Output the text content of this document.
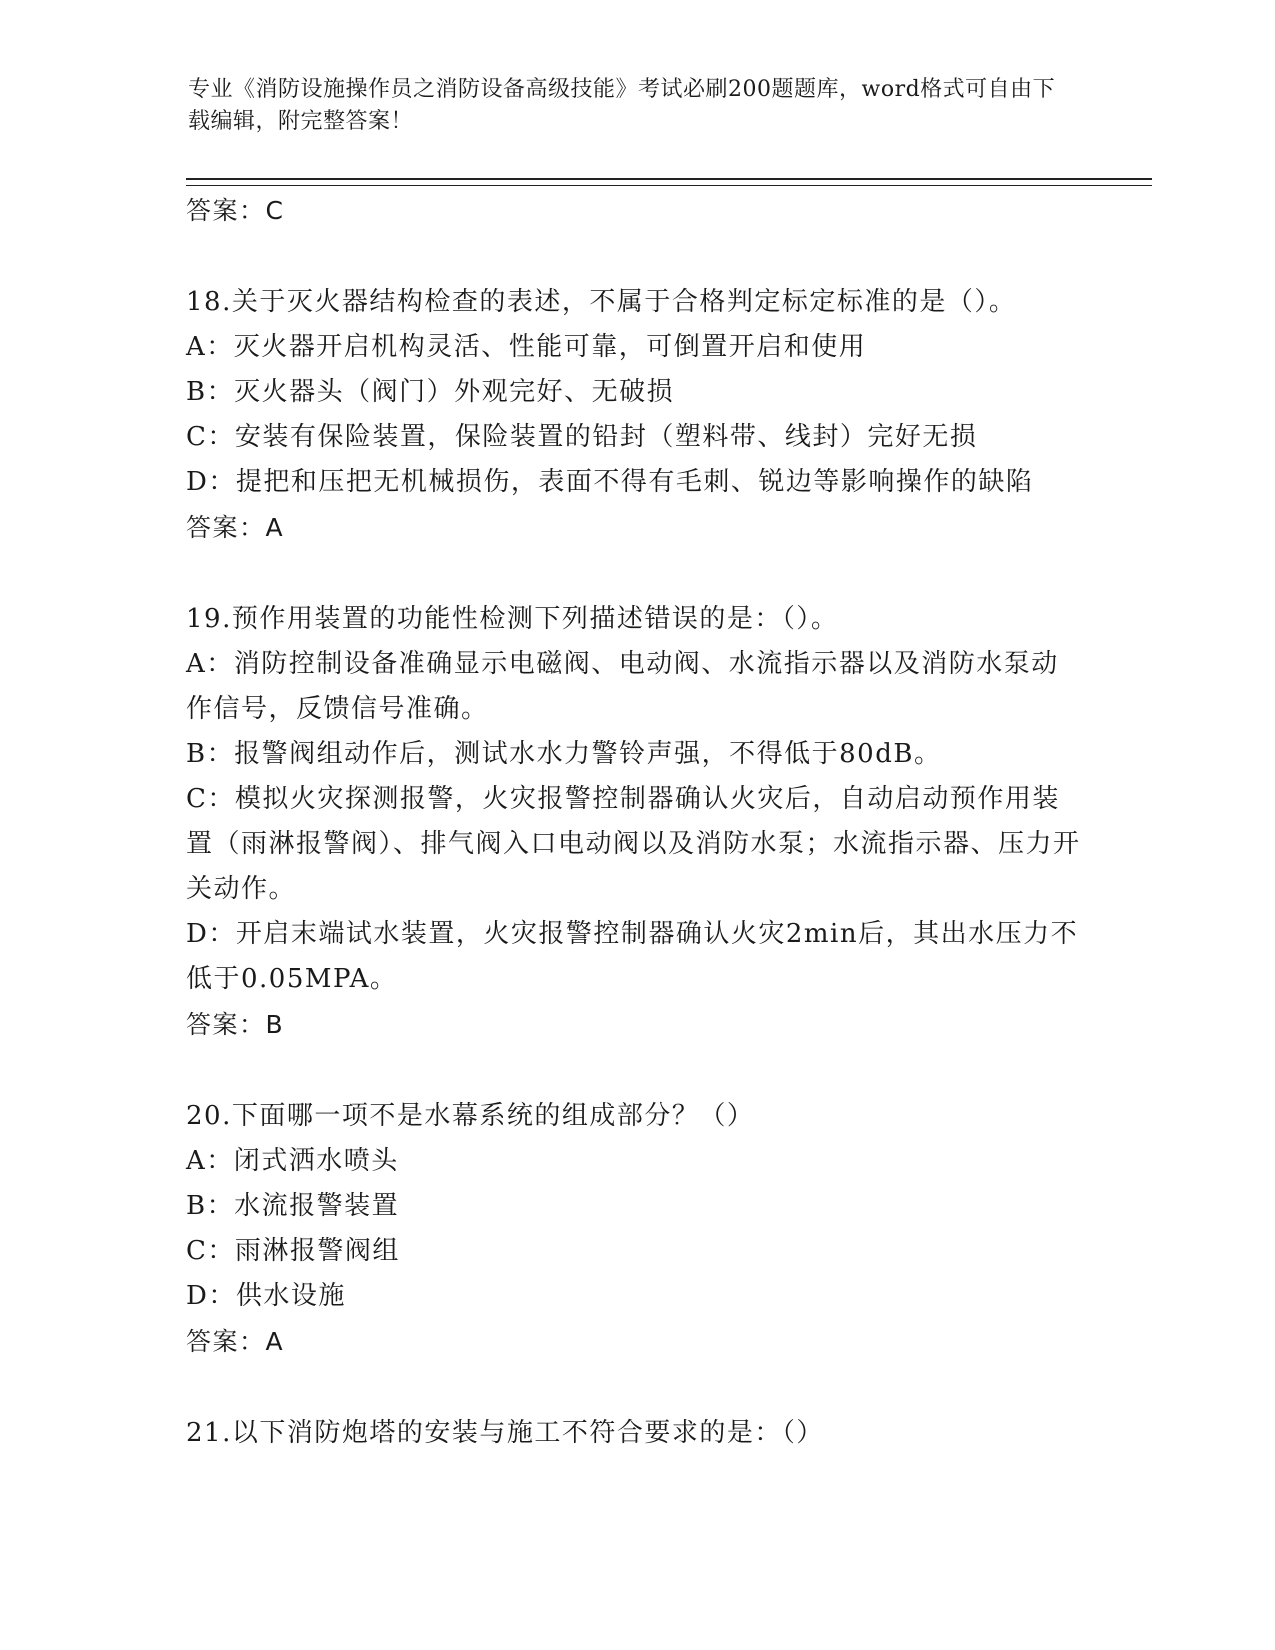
专业《消防设施操作员之消防设备高级技能》考试必刷200题题库，word格式可自由下载编辑，附完整答案！
答案：C
18.关于灭火器结构检查的表述，不属于合格判定标定标准的是（）。
A：灭火器开启机构灵活、性能可靠，可倒置开启和使用
B：灭火器头（阀门）外观完好、无破损
C：安装有保险装置，保险装置的铅封（塑料带、线封）完好无损
D：提把和压把无机械损伤，表面不得有毛刺、锐边等影响操作的缺陷
答案：A
19.预作用装置的功能性检测下列描述错误的是：（）。
A：消防控制设备准确显示电磁阀、电动阀、水流指示器以及消防水泵动作信号，反馈信号准确。
B：报警阀组动作后，测试水水力警铃声强，不得低于80dB。
C：模拟火灾探测报警，火灾报警控制器确认火灾后，自动启动预作用装置（雨淋报警阀）、排气阀入口电动阀以及消防水泵；水流指示器、压力开关动作。
D：开启末端试水装置，火灾报警控制器确认火灾2min后，其出水压力不低于0.05MPA。
答案：B
20.下面哪一项不是水幕系统的组成部分？（）
A：闭式洒水喷头
B：水流报警装置
C：雨淋报警阀组
D：供水设施
答案：A
21.以下消防炮塔的安装与施工不符合要求的是：（）
